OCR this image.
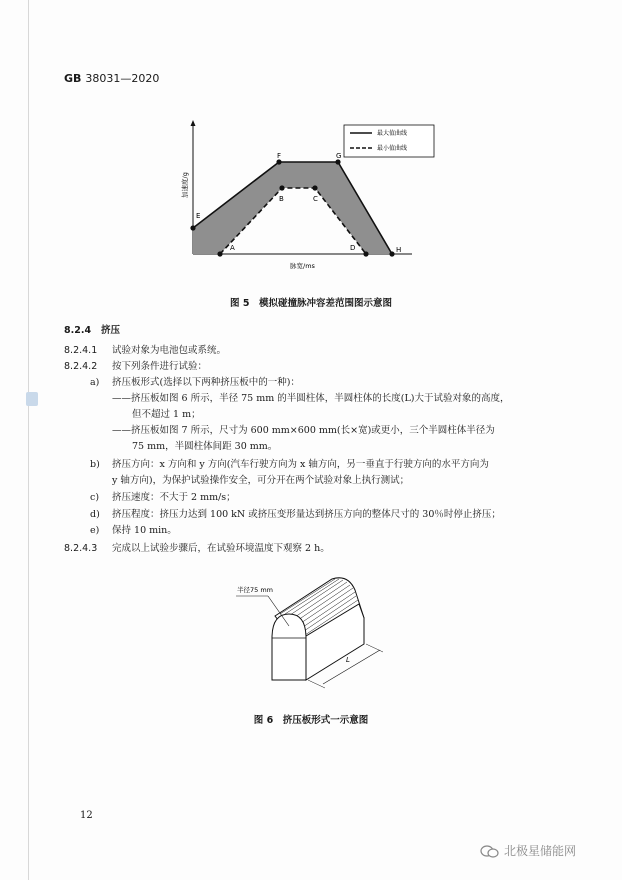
GB 38031—2020
E
F	G
H
A
B	C
D
加速度/g
脉宽/ms
最大值曲线
最小值曲线
图 5　模拟碰撞脉冲容差范围图示意图
8.2.4 挤压
8.2.4.1 试验对象为电池包或系统。
8.2.4.2 按下列条件进行试验：
a) 挤压板形式(选择以下两种挤压板中的一种)：
——挤压板如图 6 所示，半径 75 mm 的半圆柱体，半圆柱体的长度(L)大于试验对象的高度，
但不超过 1 m；
——挤压板如图 7 所示，尺寸为 600 mm×600 mm(长×宽)或更小，三个半圆柱体半径为
75 mm，半圆柱体间距 30 mm。
b) 挤压方向：x 方向和 y 方向(汽车行驶方向为 x 轴方向，另一垂直于行驶方向的水平方向为
y 轴方向)，为保护试验操作安全，可分开在两个试验对象上执行测试；
c) 挤压速度：不大于 2 mm/s；
d) 挤压程度：挤压力达到 100 kN 或挤压变形量达到挤压方向的整体尺寸的 30％时停止挤压；
e) 保持 10 min。
8.2.4.3 完成以上试验步骤后，在试验环境温度下观察 2 h。
半径75 mm
L
图 6　挤压板形式一示意图
12
北极星储能网
